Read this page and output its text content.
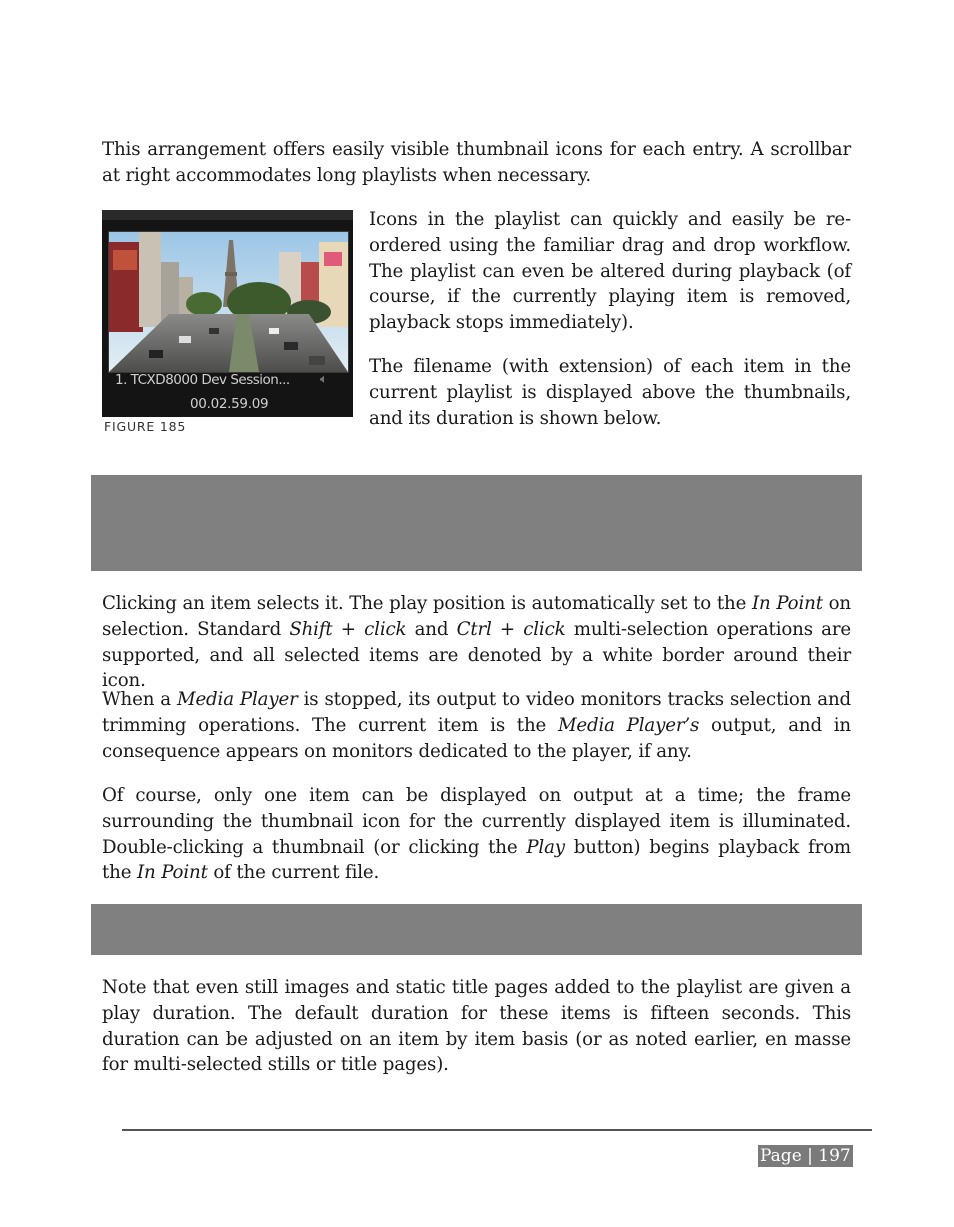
This arrangement offers easily visible thumbnail icons for each entry. A scrollbar at right accommodates long playlists when necessary.

1. TCXD8000 Dev Session...
00.02.59.09
🔈︎
FIGURE 185

Icons in the playlist can quickly and easily be re-ordered using the familiar drag and drop workflow. The playlist can even be altered during playback (of course, if the currently playing item is removed, playback stops immediately).

The filename (with extension) of each item in the current playlist is displayed above the thumbnails, and its duration is shown below.

Clicking an item selects it. The play position is automatically set to the In Point on selection. Standard Shift + click and Ctrl + click multi-selection operations are supported, and all selected items are denoted by a white border around their icon.

When a Media Player is stopped, its output to video monitors tracks selection and trimming operations. The current item is the Media Player’s output, and in consequence appears on monitors dedicated to the player, if any.

Of course, only one item can be displayed on output at a time; the frame surrounding the thumbnail icon for the currently displayed item is illuminated. Double-clicking a thumbnail (or clicking the Play button) begins playback from the In Point of the current file.

Note that even still images and static title pages added to the playlist are given a play duration. The default duration for these items is fifteen seconds. This duration can be adjusted on an item by item basis (or as noted earlier, en masse for multi-selected stills or title pages).

Page | 197
